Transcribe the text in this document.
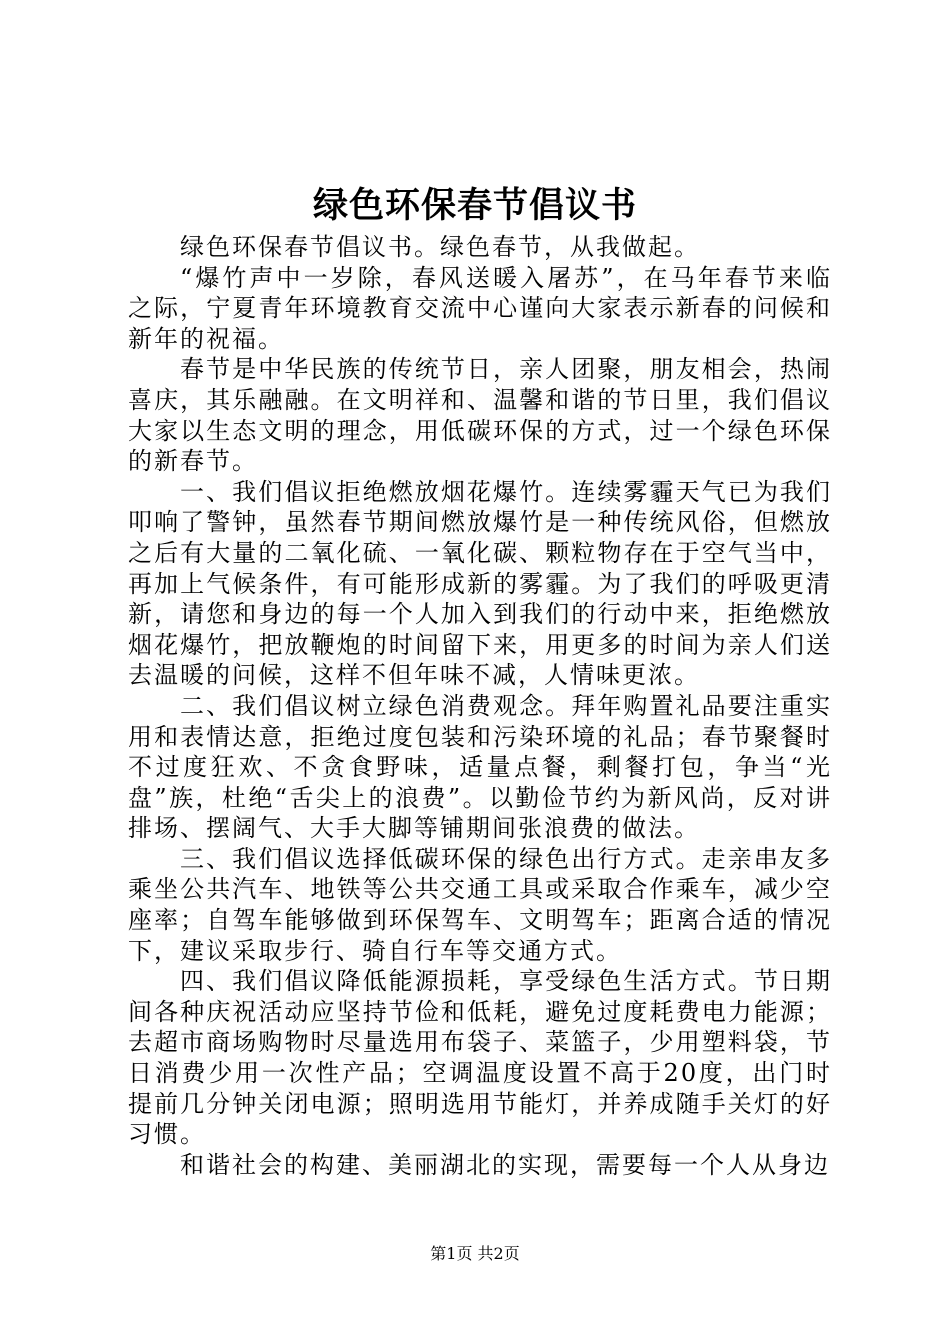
绿色环保春节倡议书

绿色环保春节倡议书。绿色春节，从我做起。

“爆竹声中一岁除，春风送暖入屠苏”，在马年春节来临之际，宁夏青年环境教育交流中心谨向大家表示新春的问候和新年的祝福。

春节是中华民族的传统节日，亲人团聚，朋友相会，热闹喜庆，其乐融融。在文明祥和、温馨和谐的节日里，我们倡议大家以生态文明的理念，用低碳环保的方式，过一个绿色环保的新春节。

一、我们倡议拒绝燃放烟花爆竹。连续雾霾天气已为我们叩响了警钟，虽然春节期间燃放爆竹是一种传统风俗，但燃放之后有大量的二氧化硫、一氧化碳、颗粒物存在于空气当中，再加上气候条件，有可能形成新的雾霾。为了我们的呼吸更清新，请您和身边的每一个人加入到我们的行动中来，拒绝燃放烟花爆竹，把放鞭炮的时间留下来，用更多的时间为亲人们送去温暖的问候，这样不但年味不减，人情味更浓。

二、我们倡议树立绿色消费观念。拜年购置礼品要注重实用和表情达意，拒绝过度包装和污染环境的礼品；春节聚餐时不过度狂欢、不贪食野味，适量点餐，剩餐打包，争当“光盘”族，杜绝“舌尖上的浪费”。以勤俭节约为新风尚，反对讲排场、摆阔气、大手大脚等铺期间张浪费的做法。

三、我们倡议选择低碳环保的绿色出行方式。走亲串友多乘坐公共汽车、地铁等公共交通工具或采取合作乘车，减少空座率；自驾车能够做到环保驾车、文明驾车；距离合适的情况下，建议采取步行、骑自行车等交通方式。

四、我们倡议降低能源损耗，享受绿色生活方式。节日期间各种庆祝活动应坚持节俭和低耗，避免过度耗费电力能源；去超市商场购物时尽量选用布袋子、菜篮子，少用塑料袋，节日消费少用一次性产品；空调温度设置不高于20度，出门时提前几分钟关闭电源；照明选用节能灯，并养成随手关灯的好习惯。

和谐社会的构建、美丽湖北的实现，需要每一个人从身边

第1页 共2页
